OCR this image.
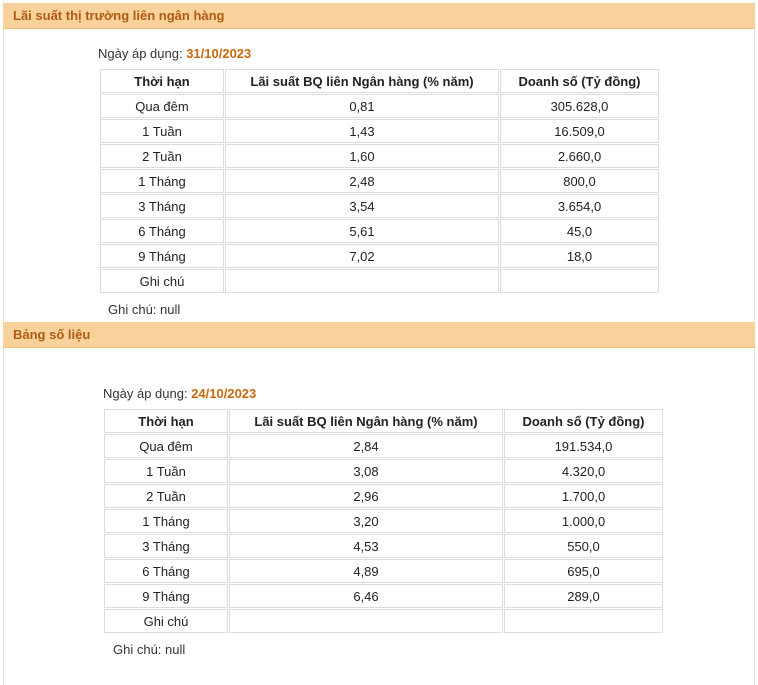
Lãi suất thị trường liên ngân hàng
Ngày áp dụng: 31/10/2023
Thời hạn	Lãi suất BQ liên Ngân hàng (% năm)	Doanh số (Tỷ đồng)
Qua đêm	0,81	305.628,0
1 Tuần	1,43	16.509,0
2 Tuần	1,60	2.660,0
1 Tháng	2,48	800,0
3 Tháng	3,54	3.654,0
6 Tháng	5,61	45,0
9 Tháng	7,02	18,0
Ghi chú		
Ghi chú: null
Bảng số liệu
Ngày áp dụng: 24/10/2023
Thời hạn	Lãi suất BQ liên Ngân hàng (% năm)	Doanh số (Tỷ đồng)
Qua đêm	2,84	191.534,0
1 Tuần	3,08	4.320,0
2 Tuần	2,96	1.700,0
1 Tháng	3,20	1.000,0
3 Tháng	4,53	550,0
6 Tháng	4,89	695,0
9 Tháng	6,46	289,0
Ghi chú		
Ghi chú: null
